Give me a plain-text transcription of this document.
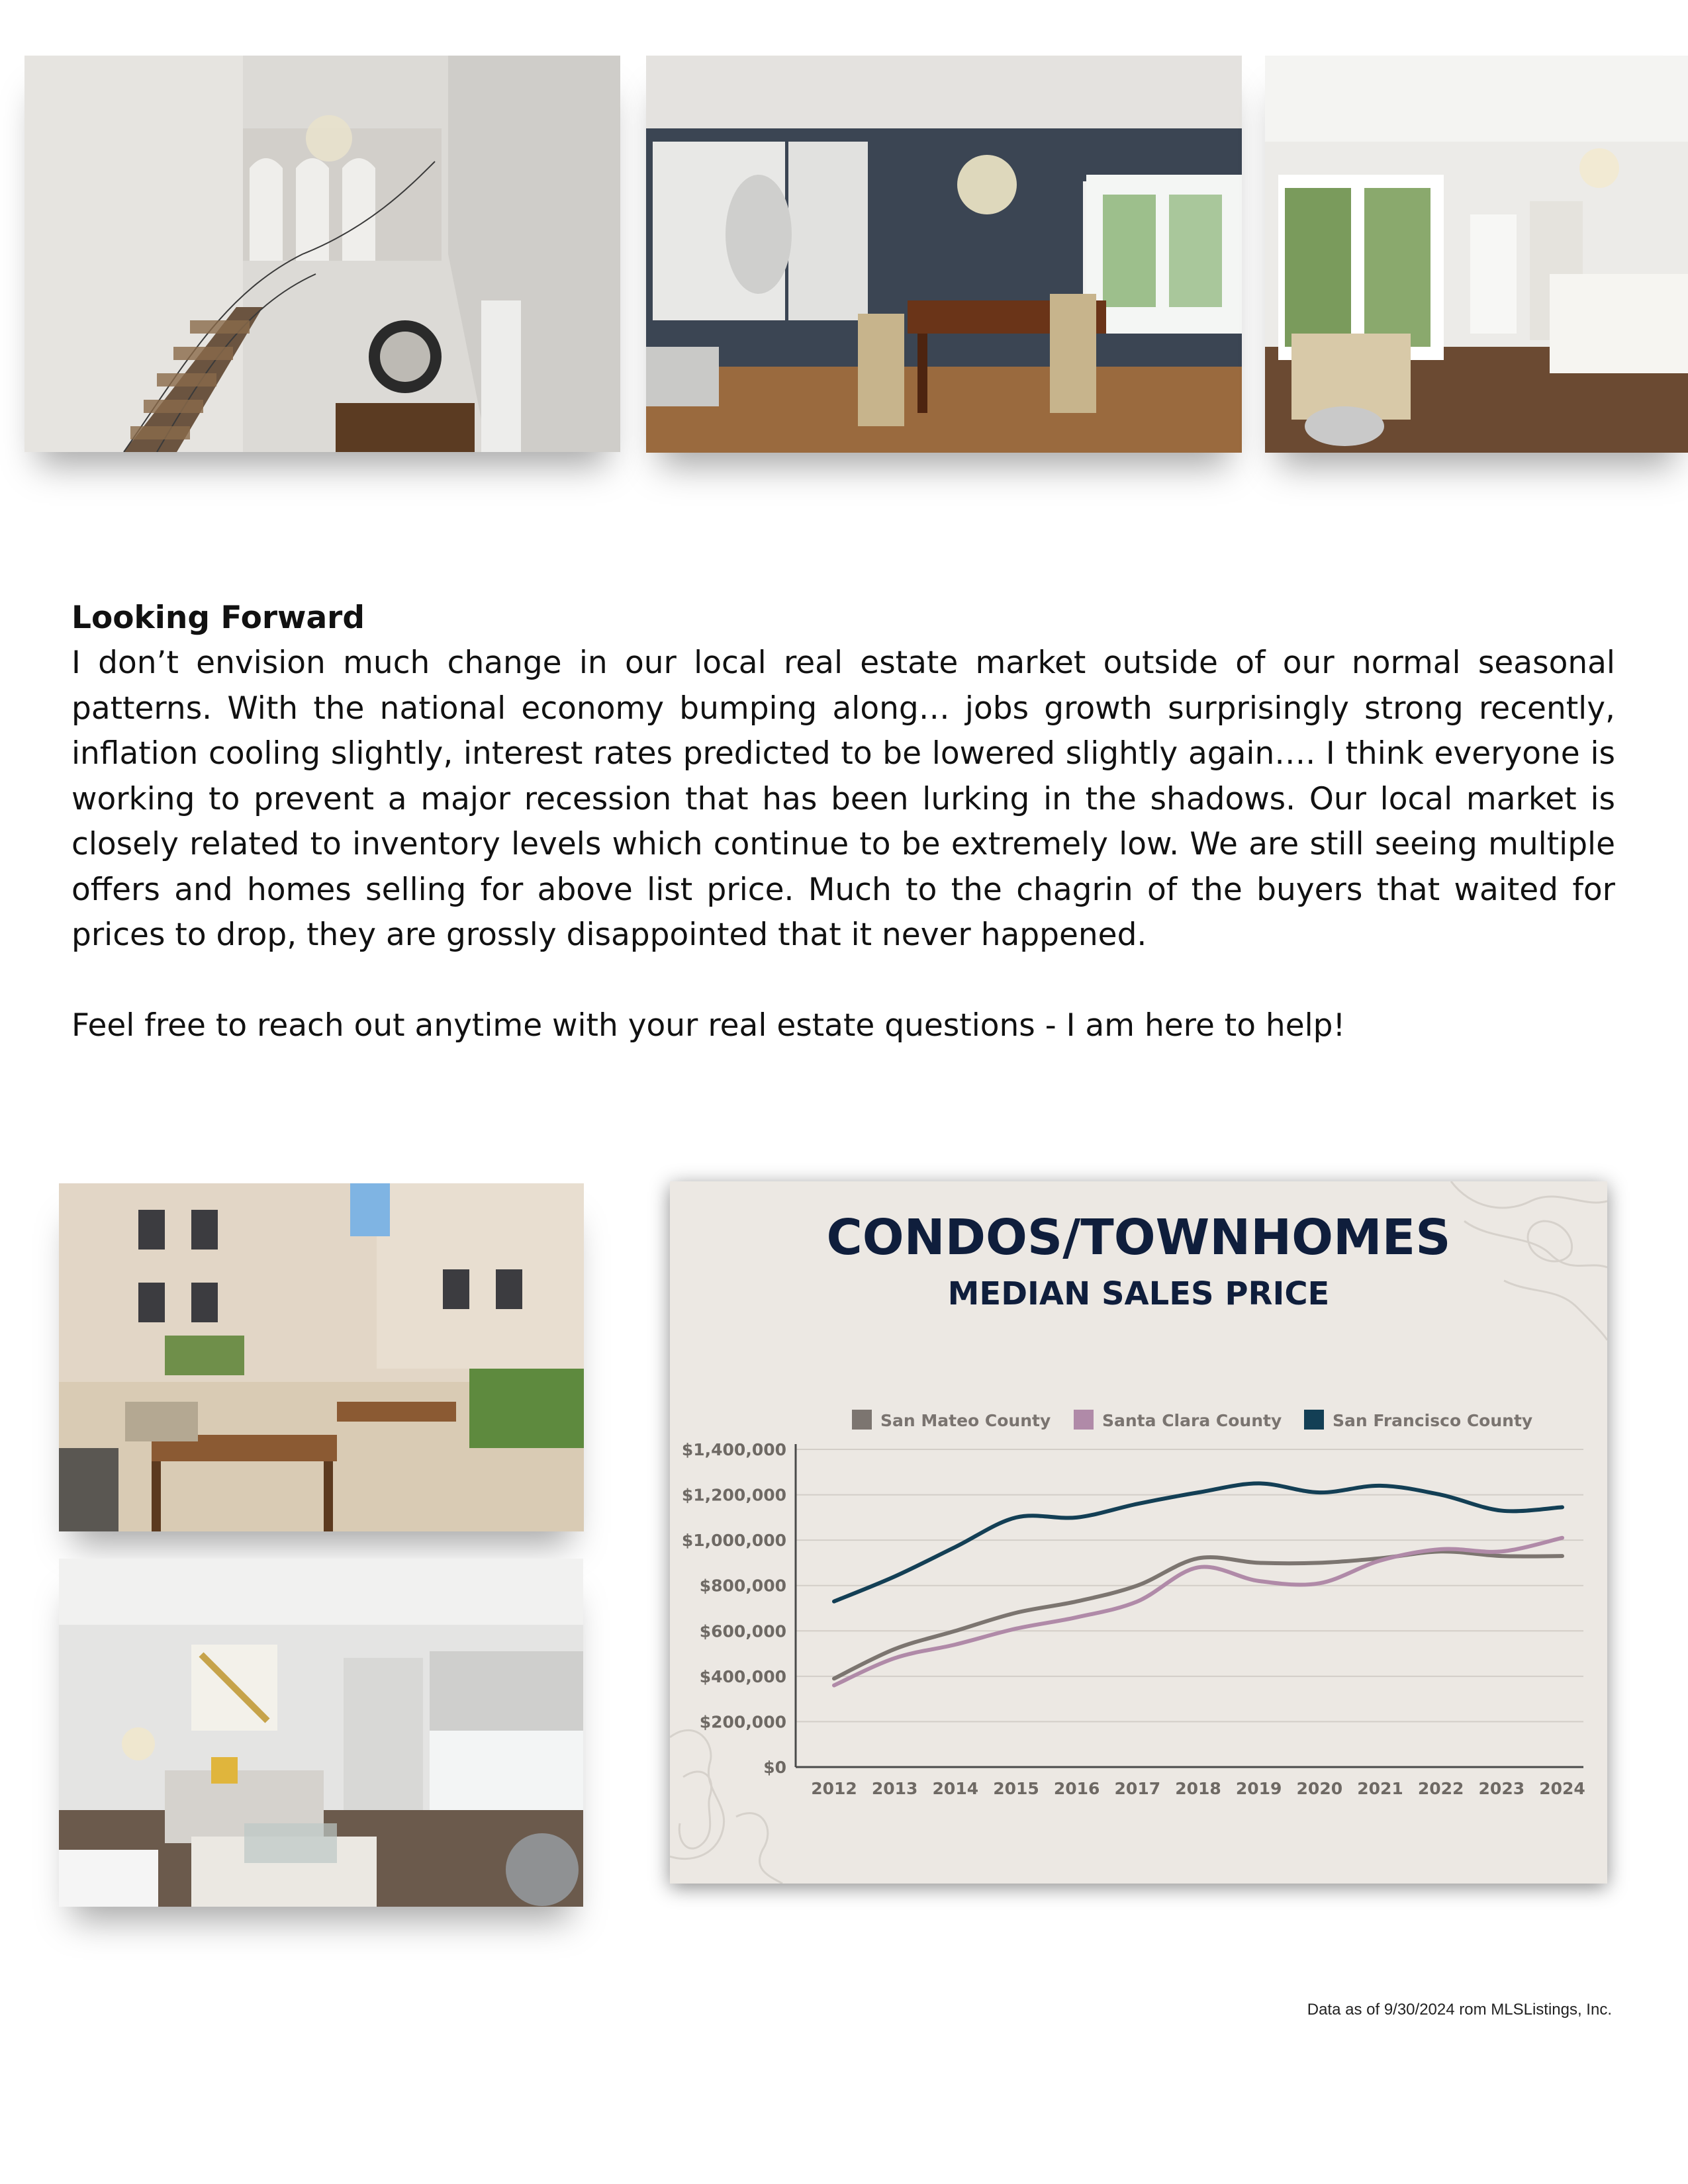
Looking Forward

I don’t envision much change in our local real estate market outside of our normal seasonal patterns. With the national economy bumping along… jobs growth surprisingly strong recently, inflation cooling slightly, interest rates predicted to be lowered slightly again…. I think everyone is working to prevent a major recession that has been lurking in the shadows. Our local market is closely related to inventory levels which continue to be extremely low. We are still seeing multiple offers and homes selling for above list price. Much to the chagrin of the buyers that waited for prices to drop, they are grossly disappointed that it never happened.

Feel free to reach out anytime with your real estate questions - I am here to help!

CONDOS/TOWNHOMES
MEDIAN SALES PRICE
San Mateo County	Santa Clara County	San Francisco County
$0
$200,000
$400,000
$600,000
$800,000
$1,000,000
$1,200,000
$1,400,000
2012 2013 2014 2015 2016 2017 2018 2019 2020 2021 2022 2023 2024
Data as of 9/30/2024 rom MLSListings, Inc.
